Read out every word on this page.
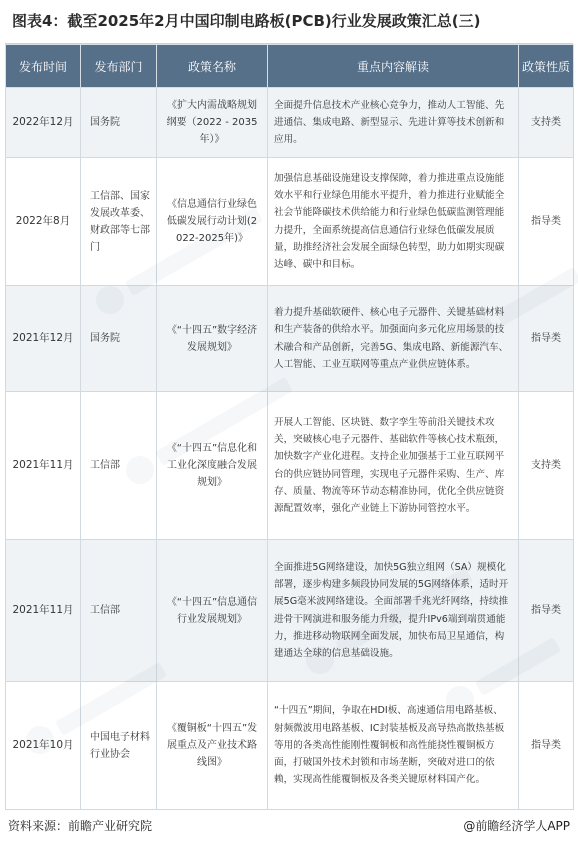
图表4：截至2025年2月中国印制电路板(PCB)行业发展政策汇总(三)
发布时间	发布部门	政策名称	重点内容解读	政策性质
2022年12月	国务院	《扩大内需战略规划纲要（2022 - 2035年）》	全面提升信息技术产业核心竞争力，推动人工智能、先进通信、集成电路、新型显示、先进计算等技术创新和应用。	支持类
2022年8月	工信部、国家发展改革委、财政部等七部门	《信息通信行业绿色低碳发展行动计划(2022-2025年)》	加强信息基础设施建设支撑保障，着力推进重点设施能效水平和行业绿色用能水平提升，着力推进行业赋能全社会节能降碳技术供给能力和行业绿色低碳监测管理能力提升，全面系统提高信息通信行业绿色低碳发展质量，助推经济社会发展全面绿色转型，助力如期实现碳达峰、碳中和目标。	指导类
2021年12月	国务院	《“十四五”数字经济发展规划》	着力提升基础软硬件、核心电子元器件、关键基础材料和生产装备的供给水平。加强面向多元化应用场景的技术融合和产品创新，完善5G、集成电路、新能源汽车、人工智能、工业互联网等重点产业供应链体系。	指导类
2021年11月	工信部	《“十四五”信息化和工业化深度融合发展规划》	开展人工智能、区块链、数字孪生等前沿关键技术攻关，突破核心电子元器件、基础软件等核心技术瓶颈，加快数字产业化进程。支持企业加强基于工业互联网平台的供应链协同管理，实现电子元器件采购、生产、库存、质量、物流等环节动态精准协同，优化全供应链资源配置效率，强化产业链上下游协同管控水平。	支持类
2021年11月	工信部	《“十四五”信息通信行业发展规划》	全面推进5G网络建设，加快5G独立组网（SA）规模化部署，逐步构建多频段协同发展的5G网络体系，适时开展5G毫米波网络建设。全面部署千兆光纤网络，持续推进骨干网演进和服务能力升级，提升IPv6端到端贯通能力，推进移动物联网全面发展，加快布局卫星通信，构建通达全球的信息基础设施。	指导类
2021年10月	中国电子材料行业协会	《覆铜板“十四五”发展重点及产业技术路线图》	“十四五”期间，争取在HDI板、高速通信用电路基板、射频微波用电路基板、IC封装基板及高导热高散热基板等用的各类高性能刚性覆铜板和高性能挠性覆铜板方面，打破国外技术封锁和市场垄断，突破对进口的依赖，实现高性能覆铜板及各类关键原材料国产化。	指导类
资料来源：前瞻产业研究院	@前瞻经济学人APP
